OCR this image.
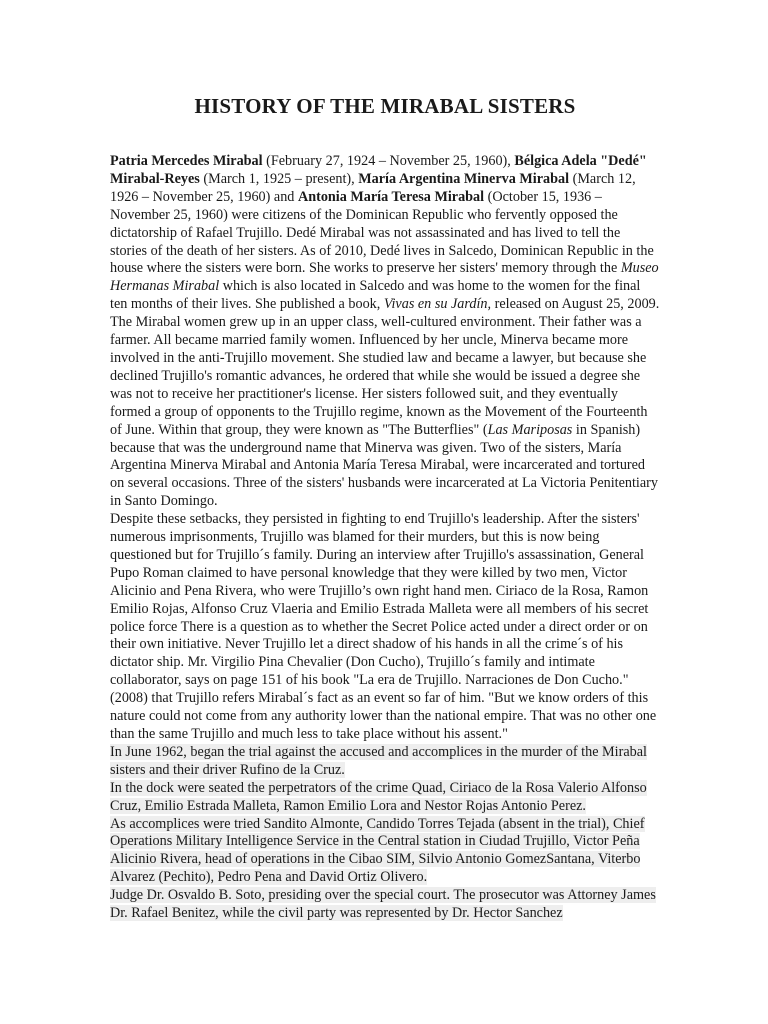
HISTORY OF THE MIRABAL SISTERS

Patria Mercedes Mirabal (February 27, 1924 – November 25, 1960), Bélgica Adela "Dedé" Mirabal-Reyes (March 1, 1925 – present), María Argentina Minerva Mirabal (March 12, 1926 – November 25, 1960) and Antonia María Teresa Mirabal (October 15, 1936 – November 25, 1960) were citizens of the Dominican Republic who fervently opposed the dictatorship of Rafael Trujillo. Dedé Mirabal was not assassinated and has lived to tell the stories of the death of her sisters. As of 2010, Dedé lives in Salcedo, Dominican Republic in the house where the sisters were born. She works to preserve her sisters' memory through the Museo Hermanas Mirabal which is also located in Salcedo and was home to the women for the final ten months of their lives. She published a book, Vivas en su Jardín, released on August 25, 2009.

The Mirabal women grew up in an upper class, well-cultured environment. Their father was a farmer. All became married family women. Influenced by her uncle, Minerva became more involved in the anti-Trujillo movement. She studied law and became a lawyer, but because she declined Trujillo's romantic advances, he ordered that while she would be issued a degree she was not to receive her practitioner's license. Her sisters followed suit, and they eventually formed a group of opponents to the Trujillo regime, known as the Movement of the Fourteenth of June. Within that group, they were known as "The Butterflies" (Las Mariposas in Spanish) because that was the underground name that Minerva was given. Two of the sisters, María Argentina Minerva Mirabal and Antonia María Teresa Mirabal, were incarcerated and tortured on several occasions. Three of the sisters' husbands were incarcerated at La Victoria Penitentiary in Santo Domingo.

Despite these setbacks, they persisted in fighting to end Trujillo's leadership. After the sisters' numerous imprisonments, Trujillo was blamed for their murders, but this is now being questioned but for Trujillo´s family. During an interview after Trujillo's assassination, General Pupo Roman claimed to have personal knowledge that they were killed by two men, Victor Alicinio and Pena Rivera, who were Trujillo’s own right hand men. Ciriaco de la Rosa, Ramon Emilio Rojas, Alfonso Cruz Vlaeria and Emilio Estrada Malleta were all members of his secret police force There is a question as to whether the Secret Police acted under a direct order or on their own initiative. Never Trujillo let a direct shadow of his hands in all the crime´s of his dictator ship. Mr. Virgilio Pina Chevalier (Don Cucho), Trujillo´s family and intimate collaborator, says on page 151 of his book "La era de Trujillo. Narraciones de Don Cucho." (2008) that Trujillo refers Mirabal´s fact as an event so far of him. "But we know orders of this nature could not come from any authority lower than the national empire. That was no other one than the same Trujillo and much less to take place without his assent."

In June 1962, began the trial against the accused and accomplices in the murder of the Mirabal sisters and their driver Rufino de la Cruz.

In the dock were seated the perpetrators of the crime Quad, Ciriaco de la Rosa Valerio Alfonso Cruz, Emilio Estrada Malleta, Ramon Emilio Lora and Nestor Rojas Antonio Perez.

As accomplices were tried Sandito Almonte, Candido Torres Tejada (absent in the trial), Chief Operations Military Intelligence Service in the Central station in Ciudad Trujillo, Victor Peña Alicinio Rivera, head of operations in the Cibao SIM, Silvio Antonio GomezSantana, Viterbo Alvarez (Pechito), Pedro Pena and David Ortiz Olivero.

Judge Dr. Osvaldo B. Soto, presiding over the special court. The prosecutor was Attorney James Dr. Rafael Benitez, while the civil party was represented by Dr. Hector Sanchez
